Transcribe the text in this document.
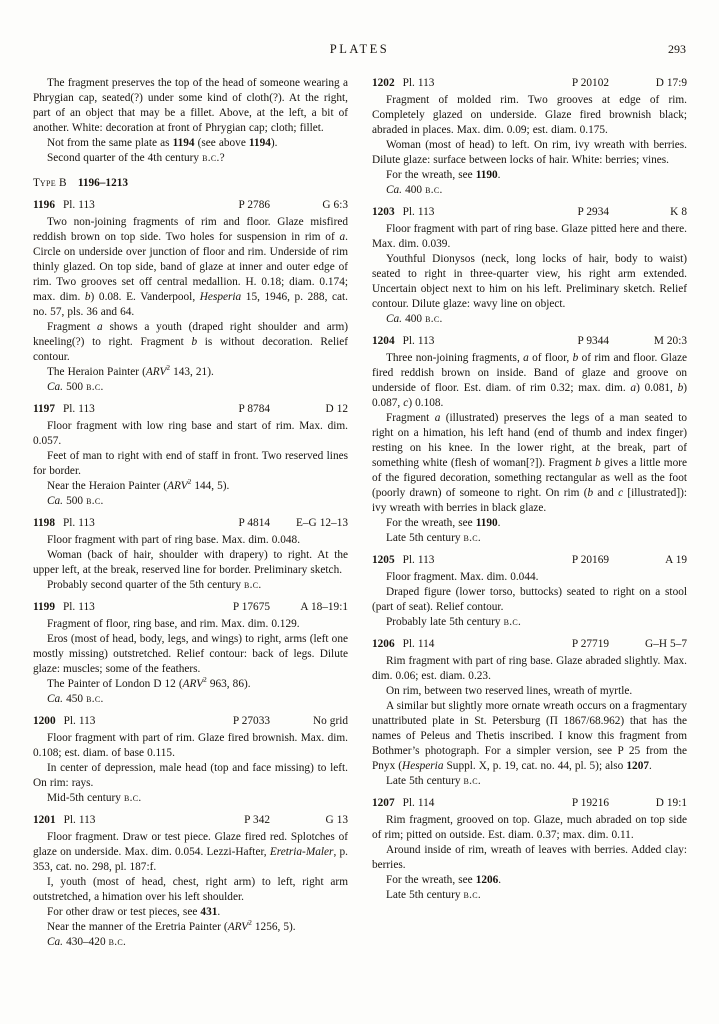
PLATES	293

The fragment preserves the top of the head of someone wearing a Phrygian cap, seated(?) under some kind of cloth(?). At the right, part of an object that may be a fillet. Above, at the left, a bit of another. White: decoration at front of Phrygian cap; cloth; fillet.

Not from the same plate as 1194 (see above 1194).

Second quarter of the 4th century b.c.?

Type B 1196–1213

1196 Pl. 113	P 2786	G 6:3

Two non-joining fragments of rim and floor. Glaze misfired reddish brown on top side. Two holes for suspension in rim of a. Circle on underside over junction of floor and rim. Underside of rim thinly glazed. On top side, band of glaze at inner and outer edge of rim. Two grooves set off central medallion. H. 0.18; diam. 0.174; max. dim. b) 0.08. E. Vanderpool, Hesperia 15, 1946, p. 288, cat. no. 57, pls. 36 and 64.

Fragment a shows a youth (draped right shoulder and arm) kneeling(?) to right. Fragment b is without decoration. Relief contour.

The Heraion Painter (ARV$^2$ 143, 21).

Ca. 500 b.c.

1197 Pl. 113	P 8784	D 12

Floor fragment with low ring base and start of rim. Max. dim. 0.057.

Feet of man to right with end of staff in front. Two reserved lines for border.

Near the Heraion Painter (ARV$^2$ 144, 5).

Ca. 500 b.c.

1198 Pl. 113	P 4814	E–G 12–13

Floor fragment with part of ring base. Max. dim. 0.048.

Woman (back of hair, shoulder with drapery) to right. At the upper left, at the break, reserved line for border. Preliminary sketch.

Probably second quarter of the 5th century b.c.

1199 Pl. 113	P 17675	A 18–19:1

Fragment of floor, ring base, and rim. Max. dim. 0.129.

Eros (most of head, body, legs, and wings) to right, arms (left one mostly missing) outstretched. Relief contour: back of legs. Dilute glaze: muscles; some of the feathers.

The Painter of London D 12 (ARV$^2$ 963, 86).

Ca. 450 b.c.

1200 Pl. 113	P 27033	No grid

Floor fragment with part of rim. Glaze fired brownish. Max. dim. 0.108; est. diam. of base 0.115.

In center of depression, male head (top and face missing) to left. On rim: rays.

Mid-5th century b.c.

1201 Pl. 113	P 342	G 13

Floor fragment. Draw or test piece. Glaze fired red. Splotches of glaze on underside. Max. dim. 0.054. Lezzi-Hafter, Eretria-Maler, p. 353, cat. no. 298, pl. 187:f.

I, youth (most of head, chest, right arm) to left, right arm outstretched, a himation over his left shoulder.

For other draw or test pieces, see 431.

Near the manner of the Eretria Painter (ARV$^2$ 1256, 5).

Ca. 430–420 b.c.

1202 Pl. 113	P 20102	D 17:9

Fragment of molded rim. Two grooves at edge of rim. Completely glazed on underside. Glaze fired brownish black; abraded in places. Max. dim. 0.09; est. diam. 0.175.

Woman (most of head) to left. On rim, ivy wreath with berries. Dilute glaze: surface between locks of hair. White: berries; vines.

For the wreath, see 1190.

Ca. 400 b.c.

1203 Pl. 113	P 2934	K 8

Floor fragment with part of ring base. Glaze pitted here and there. Max. dim. 0.039.

Youthful Dionysos (neck, long locks of hair, body to waist) seated to right in three-quarter view, his right arm extended. Uncertain object next to him on his left. Preliminary sketch. Relief contour. Dilute glaze: wavy line on object.

Ca. 400 b.c.

1204 Pl. 113	P 9344	M 20:3

Three non-joining fragments, a of floor, b of rim and floor. Glaze fired reddish brown on inside. Band of glaze and groove on underside of floor. Est. diam. of rim 0.32; max. dim. a) 0.081, b) 0.087, c) 0.108.

Fragment a (illustrated) preserves the legs of a man seated to right on a himation, his left hand (end of thumb and index finger) resting on his knee. In the lower right, at the break, part of something white (flesh of woman[?]). Fragment b gives a little more of the figured decoration, something rectangular as well as the foot (poorly drawn) of someone to right. On rim (b and c [illustrated]): ivy wreath with berries in black glaze.

For the wreath, see 1190.

Late 5th century b.c.

1205 Pl. 113	P 20169	A 19

Floor fragment. Max. dim. 0.044.

Draped figure (lower torso, buttocks) seated to right on a stool (part of seat). Relief contour.

Probably late 5th century b.c.

1206 Pl. 114	P 27719	G–H 5–7

Rim fragment with part of ring base. Glaze abraded slightly. Max. dim. 0.06; est. diam. 0.23.

On rim, between two reserved lines, wreath of myrtle.

A similar but slightly more ornate wreath occurs on a fragmentary unattributed plate in St. Petersburg (Π 1867/68.962) that has the names of Peleus and Thetis inscribed. I know this fragment from Bothmer’s photograph. For a simpler version, see P 25 from the Pnyx (Hesperia Suppl. X, p. 19, cat. no. 44, pl. 5); also 1207.

Late 5th century b.c.

1207 Pl. 114	P 19216	D 19:1

Rim fragment, grooved on top. Glaze, much abraded on top side of rim; pitted on outside. Est. diam. 0.37; max. dim. 0.11.

Around inside of rim, wreath of leaves with berries. Added clay: berries.

For the wreath, see 1206.

Late 5th century b.c.
